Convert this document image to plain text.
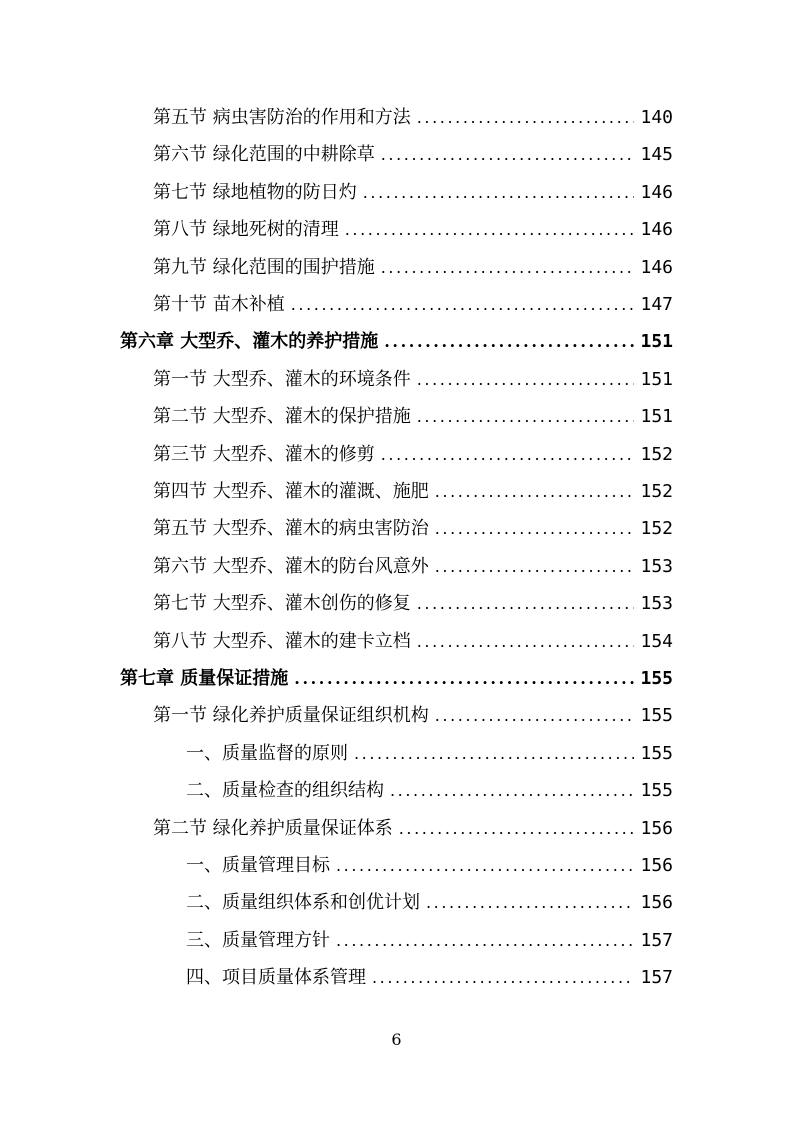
第五节 病虫害防治的作用和方法 .....	140
第六节 绿化范围的中耕除草 .....	145
第七节 绿地植物的防日灼 .....	146
第八节 绿地死树的清理 .....	146
第九节 绿化范围的围护措施 .....	146
第十节 苗木补植 .....	147
第六章 大型乔、灌木的养护措施 .....	151
第一节 大型乔、灌木的环境条件 .....	151
第二节 大型乔、灌木的保护措施 .....	151
第三节 大型乔、灌木的修剪 .....	152
第四节 大型乔、灌木的灌溉、施肥 .....	152
第五节 大型乔、灌木的病虫害防治 .....	152
第六节 大型乔、灌木的防台风意外 .....	153
第七节 大型乔、灌木创伤的修复 .....	153
第八节 大型乔、灌木的建卡立档 .....	154
第七章 质量保证措施 .....	155
第一节 绿化养护质量保证组织机构 .....	155
一、质量监督的原则 .....	155
二、质量检查的组织结构 .....	155
第二节 绿化养护质量保证体系 .....	156
一、质量管理目标 .....	156
二、质量组织体系和创优计划 .....	156
三、质量管理方针 .....	157
四、项目质量体系管理 .....	157
6
